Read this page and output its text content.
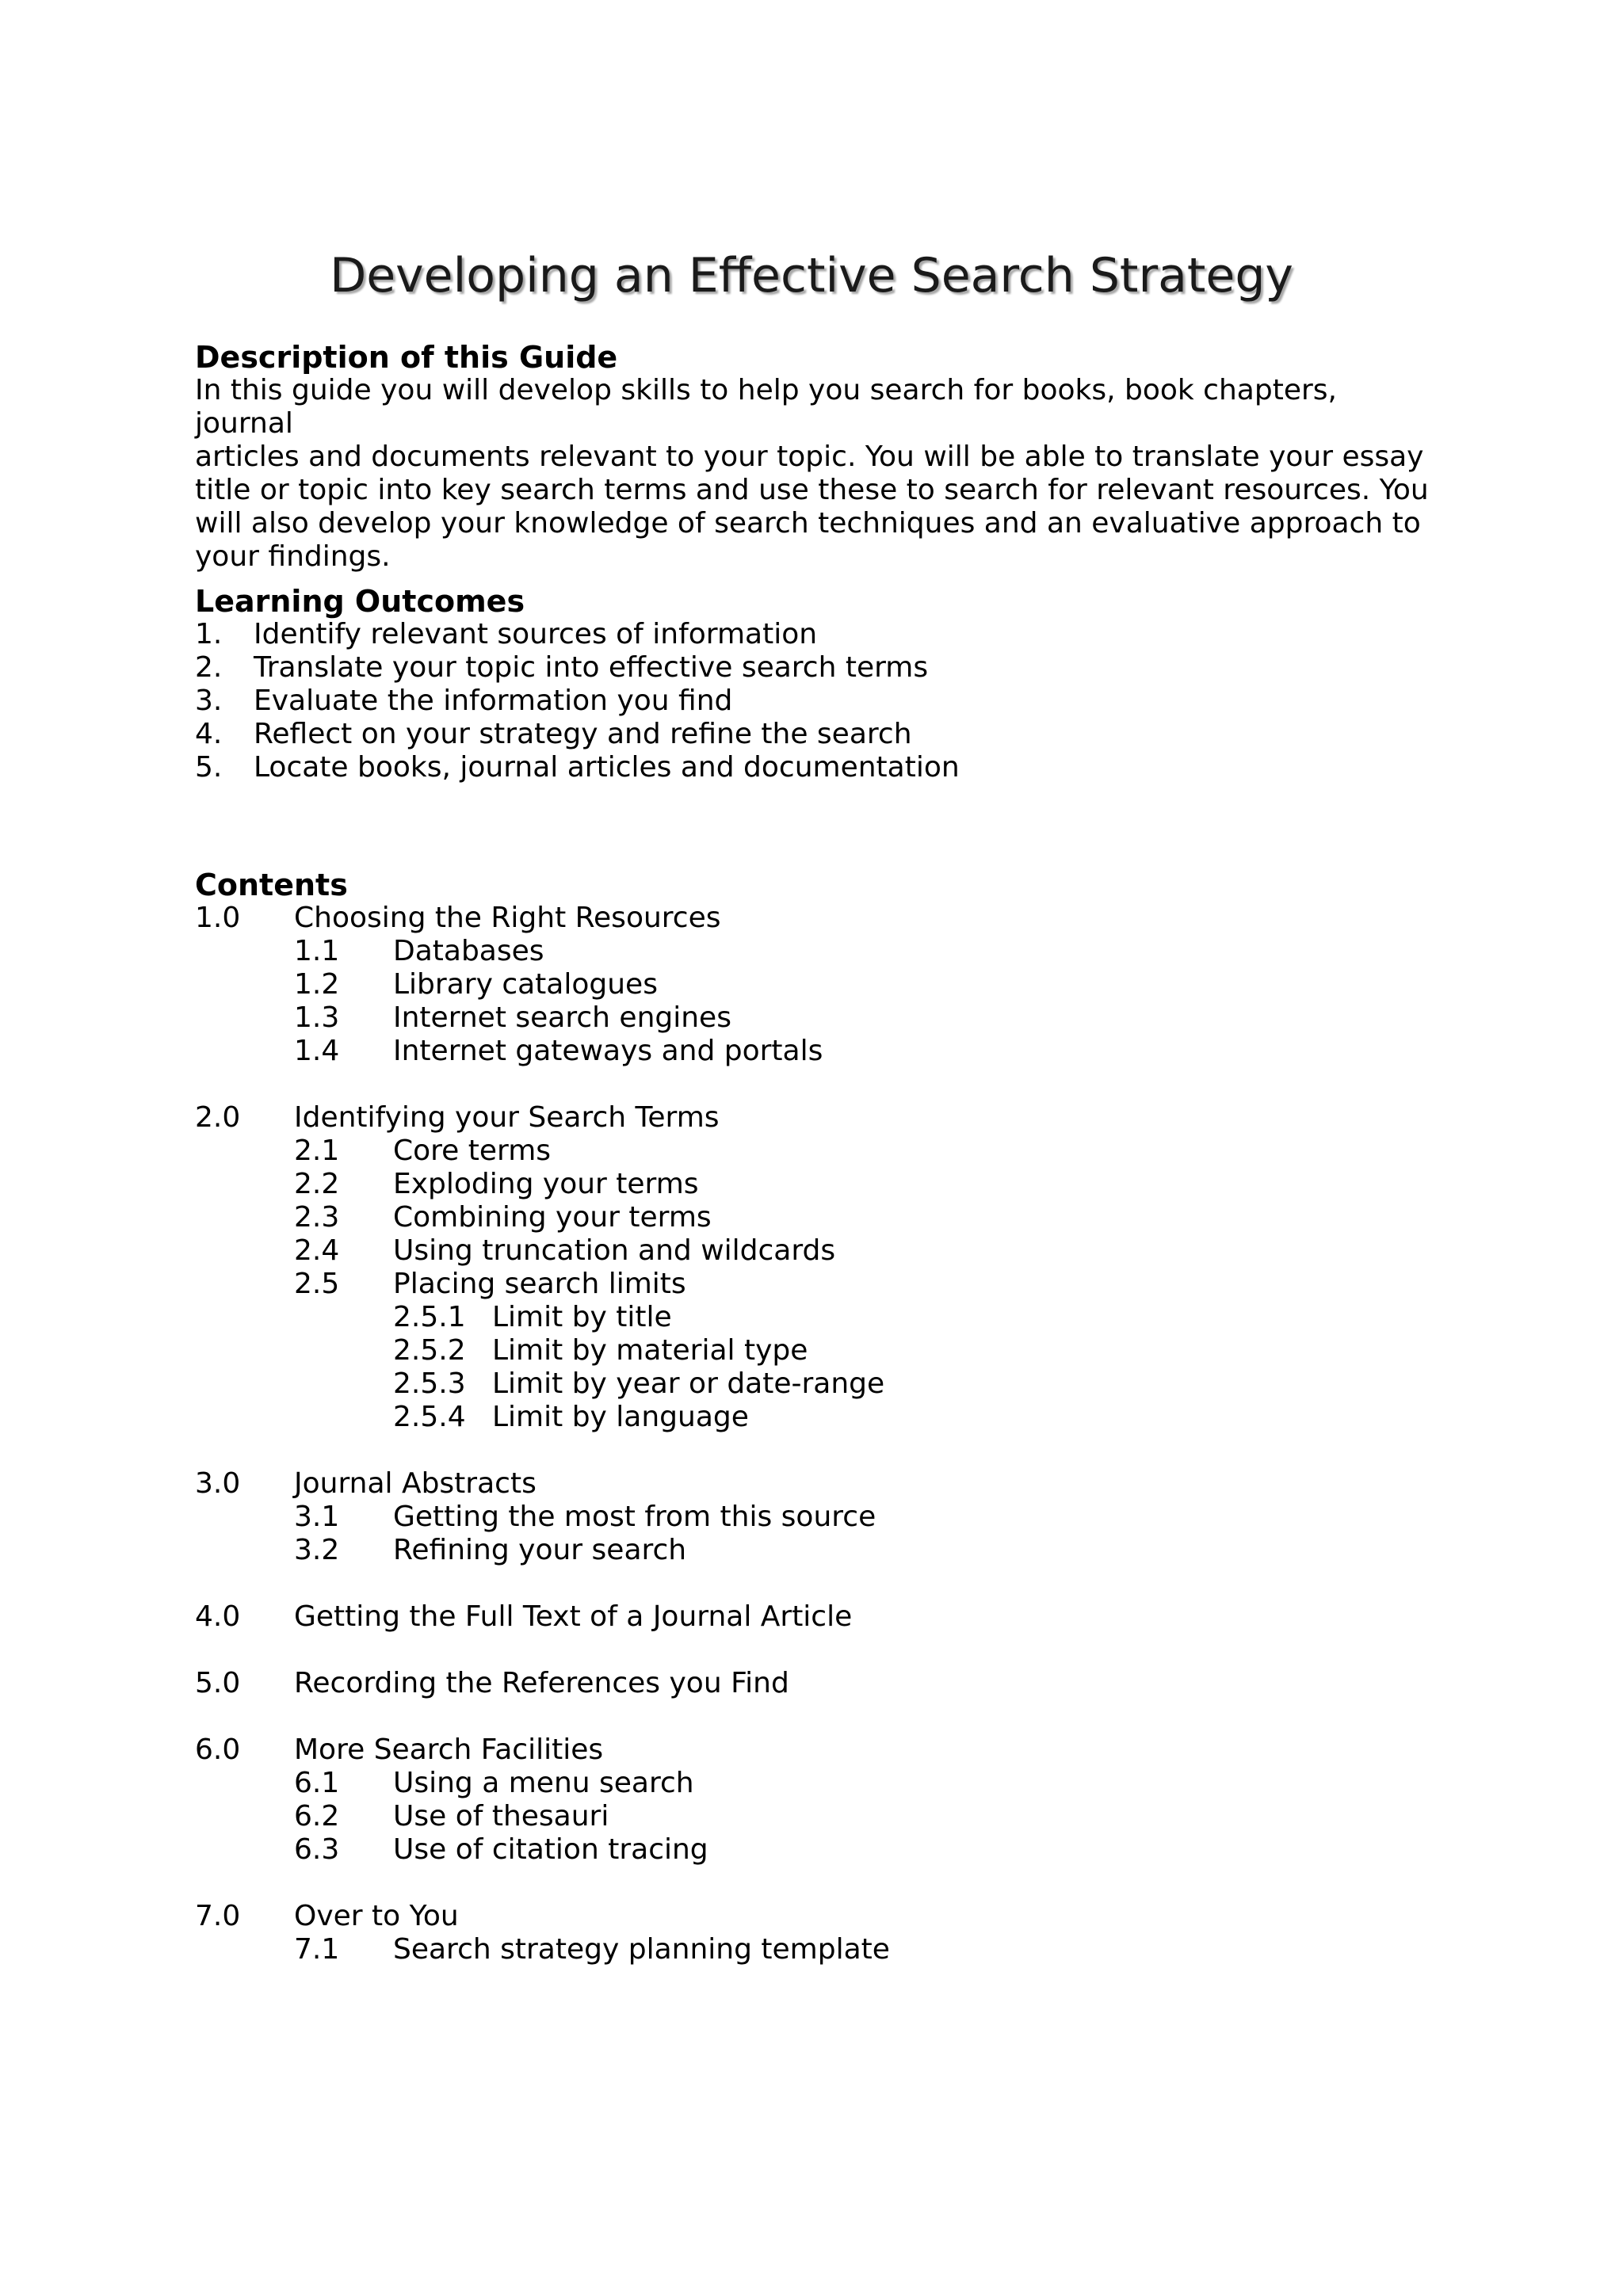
Developing an Effective Search Strategy
Description of this Guide
In this guide you will develop skills to help you search for books, book chapters, journal
articles and documents relevant to your topic. You will be able to translate your essay
title or topic into key search terms and use these to search for relevant resources. You
will also develop your knowledge of search techniques and an evaluative approach to
your findings.
Learning Outcomes
1. Identify relevant sources of information
2. Translate your topic into effective search terms
3. Evaluate the information you find
4. Reflect on your strategy and refine the search
5. Locate books, journal articles and documentation
Contents
1.0 Choosing the Right Resources
1.1 Databases
1.2 Library catalogues
1.3 Internet search engines
1.4 Internet gateways and portals
2.0 Identifying your Search Terms
2.1 Core terms
2.2 Exploding your terms
2.3 Combining your terms
2.4 Using truncation and wildcards
2.5 Placing search limits
2.5.1 Limit by title
2.5.2 Limit by material type
2.5.3 Limit by year or date-range
2.5.4 Limit by language
3.0 Journal Abstracts
3.1 Getting the most from this source
3.2 Refining your search
4.0 Getting the Full Text of a Journal Article
5.0 Recording the References you Find
6.0 More Search Facilities
6.1 Using a menu search
6.2 Use of thesauri
6.3 Use of citation tracing
7.0 Over to You
7.1 Search strategy planning template
